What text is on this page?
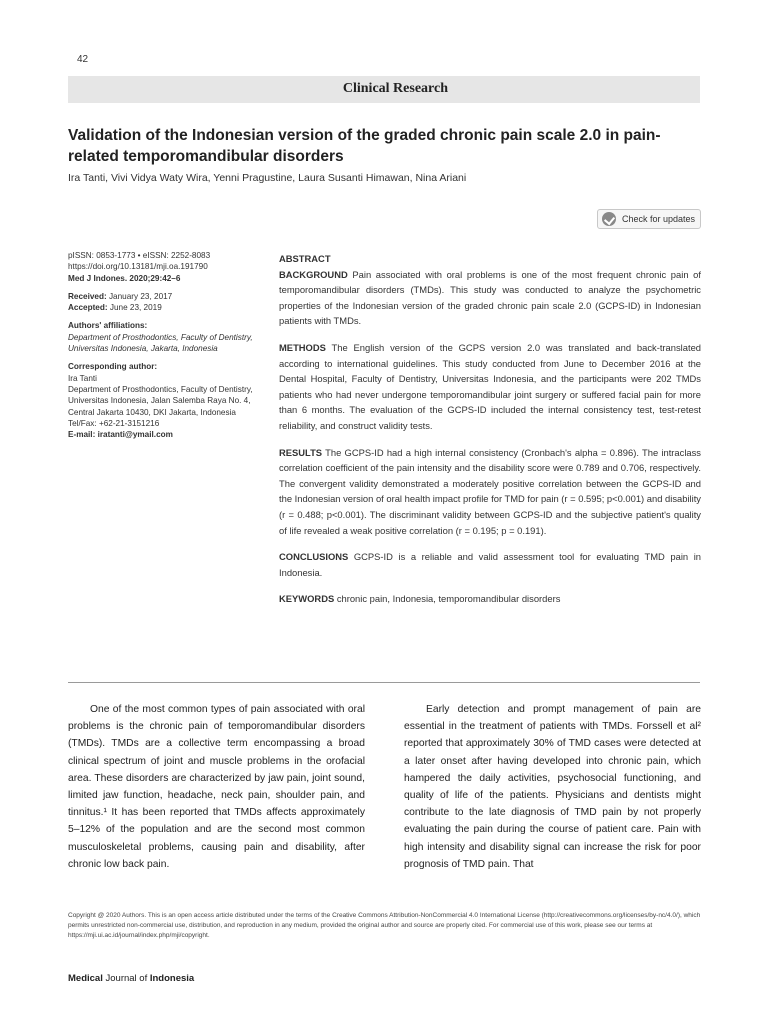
42
Clinical Research
Validation of the Indonesian version of the graded chronic pain scale 2.0 in pain-related temporomandibular disorders
Ira Tanti, Vivi Vidya Waty Wira, Yenni Pragustine, Laura Susanti Himawan, Nina Ariani
Check for updates

pISSN: 0853-1773 • eISSN: 2252-8083

https://doi.org/10.13181/mji.oa.191790

Med J Indones. 2020;29:42–6

Received: January 23, 2017

Accepted: June 23, 2019

Authors' affiliations:

Department of Prosthodontics, Faculty of Dentistry, Universitas Indonesia, Jakarta, Indonesia

Corresponding author:

Ira Tanti

Department of Prosthodontics, Faculty of Dentistry, Universitas Indonesia, Jalan Salemba Raya No. 4, Central Jakarta 10430, DKI Jakarta, Indonesia

Tel/Fax: +62-21-3151216

E-mail: iratanti@ymail.com

ABSTRACT

BACKGROUND Pain associated with oral problems is one of the most frequent chronic pain of temporomandibular disorders (TMDs). This study was conducted to analyze the psychometric properties of the Indonesian version of the graded chronic pain scale 2.0 (GCPS-ID) in Indonesian patients with TMDs.

METHODS The English version of the GCPS version 2.0 was translated and back-translated according to international guidelines. This study conducted from June to December 2016 at the Dental Hospital, Faculty of Dentistry, Universitas Indonesia, and the participants were 202 TMDs patients who had never undergone temporomandibular joint surgery or suffered facial pain for more than 6 months. The evaluation of the GCPS-ID included the internal consistency test, test-retest reliability, and construct validity tests.

RESULTS The GCPS-ID had a high internal consistency (Cronbach's alpha = 0.896). The intraclass correlation coefficient of the pain intensity and the disability score were 0.789 and 0.706, respectively. The convergent validity demonstrated a moderately positive correlation between the GCPS-ID and the Indonesian version of oral health impact profile for TMD for pain (r = 0.595; p<0.001) and disability (r = 0.488; p<0.001). The discriminant validity between GCPS-ID and the subjective patient's quality of life revealed a weak positive correlation (r = 0.195; p = 0.191).

CONCLUSIONS GCPS-ID is a reliable and valid assessment tool for evaluating TMD pain in Indonesia.

KEYWORDS chronic pain, Indonesia, temporomandibular disorders

One of the most common types of pain associated with oral problems is the chronic pain of temporomandibular disorders (TMDs). TMDs are a collective term encompassing a broad clinical spectrum of joint and muscle problems in the orofacial area. These disorders are characterized by jaw pain, joint sound, limited jaw function, headache, neck pain, shoulder pain, and tinnitus.¹ It has been reported that TMDs affects approximately 5–12% of the population and are the second most common musculoskeletal problems, causing pain and disability, after chronic low back pain.

Early detection and prompt management of pain are essential in the treatment of patients with TMDs. Forssell et al² reported that approximately 30% of TMD cases were detected at a later onset after having developed into chronic pain, which hampered the daily activities, psychosocial functioning, and quality of life of the patients. Physicians and dentists might contribute to the late diagnosis of TMD pain by not properly evaluating the pain during the course of patient care. Pain with high intensity and disability signal can increase the risk for poor prognosis of TMD pain. That

Copyright @ 2020 Authors. This is an open access article distributed under the terms of the Creative Commons Attribution-NonCommercial 4.0 International License (http://creativecommons.org/licenses/by-nc/4.0/), which permits unrestricted non-commercial use, distribution, and reproduction in any medium, provided the original author and source are properly cited. For commercial use of this work, please see our terms at https://mji.ui.ac.id/journal/index.php/mji/copyright.
Medical Journal of Indonesia
